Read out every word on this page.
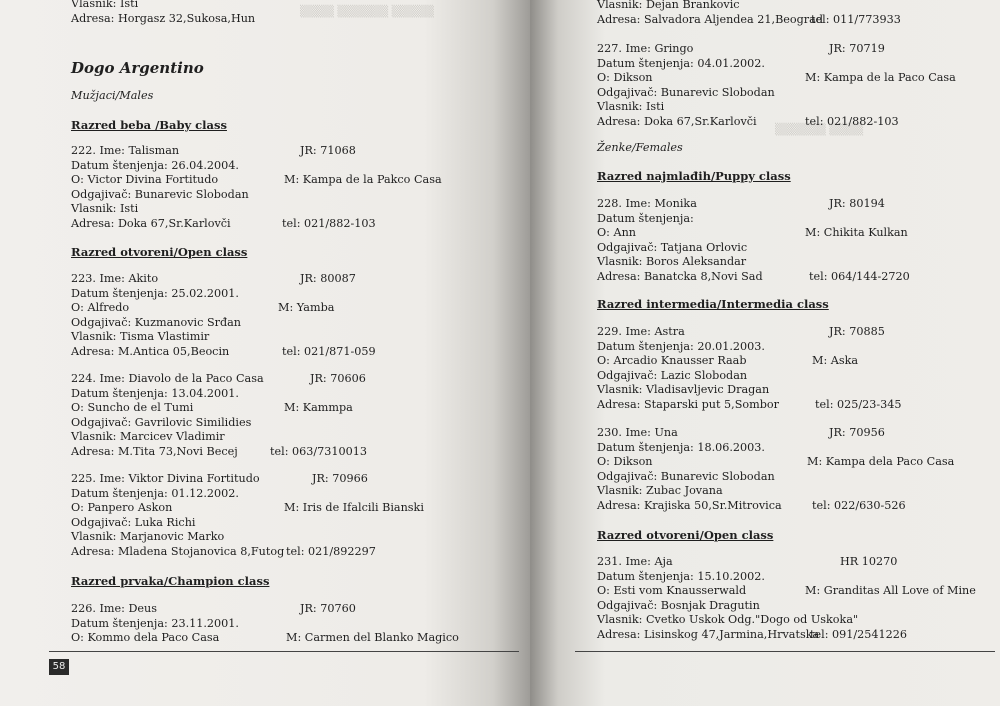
▒▒▒▒ ▒▒▒▒▒▒ ▒▒▒▒▒
Vlasnik: Isti
Adresa: Horgasz 32,Sukosa,Hun
Dogo Argentino
Mužjaci/Males
Razred beba /Baby class
222. Ime: Talisman	JR: 71068
Datum štenjenja: 26.04.2004.
O: Victor Divina Fortitudo	M: Kampa de la Pakco Casa
Odgajivač: Bunarevic Slobodan
Vlasnik: Isti
Adresa: Doka 67,Sr.Karlovči	tel: 021/882-103
Razred otvoreni/Open class
223. Ime: Akito	JR: 80087
Datum štenjenja: 25.02.2001.
O: Alfredo	M: Yamba
Odgajivač: Kuzmanovic Srđan
Vlasnik: Tisma Vlastimir
Adresa: M.Antica 05,Beocin	tel: 021/871-059
224. Ime: Diavolo de la Paco Casa	JR: 70606
Datum štenjenja: 13.04.2001.
O: Suncho de el Tumi	M: Kammpa
Odgajivač: Gavrilovic Similidies
Vlasnik: Marcicev Vladimir
Adresa: M.Tita 73,Novi Becej	tel: 063/7310013
225. Ime: Viktor Divina Fortitudo	JR: 70966
Datum štenjenja: 01.12.2002.
O: Panpero Askon	M: Iris de Ifalcili Bianski
Odgajivač: Luka Richi
Vlasnik: Marjanovic Marko
Adresa: Mladena Stojanovica 8,Futog tel: 021/892297
Razred prvaka/Champion class
226. Ime: Deus	JR: 70760
Datum štenjenja: 23.11.2001.
O: Kommo dela Paco Casa	M: Carmen del Blanko Magico
58
▒▒▒▒▒▒ ▒▒▒▒
Vlasnik: Dejan Brankovic
Adresa: Salvadora Aljendea 21,Beograd
tel: 011/773933
227. Ime: Gringo	JR: 70719
Datum štenjenja: 04.01.2002.
O: Dikson	M: Kampa de la Paco Casa
Odgajivač: Bunarevic Slobodan
Vlasnik: Isti
Adresa: Doka 67,Sr.Karlovči	tel: 021/882-103
Ženke/Females
Razred najmlađih/Puppy class
228. Ime: Monika	JR: 80194
Datum štenjenja:
O: Ann	M: Chikita Kulkan
Odgajivač: Tatjana Orlovic
Vlasnik: Boros Aleksandar
Adresa: Banatcka 8,Novi Sad	tel: 064/144-2720
Razred intermedia/Intermedia class
229. Ime: Astra	JR: 70885
Datum štenjenja: 20.01.2003.
O: Arcadio Knausser Raab	M: Aska
Odgajivač: Lazic Slobodan
Vlasnik: Vladisavljevic Dragan
Adresa: Staparski put 5,Sombor	tel: 025/23-345
230. Ime: Una	JR: 70956
Datum štenjenja: 18.06.2003.
O: Dikson	M: Kampa dela Paco Casa
Odgajivač: Bunarevic Slobodan
Vlasnik: Zubac Jovana
Adresa: Krajiska 50,Sr.Mitrovica	tel: 022/630-526
Razred otvoreni/Open class
231. Ime: Aja	HR 10270
Datum štenjenja: 15.10.2002.
O: Esti vom Knausserwald	M: Granditas All Love of Mine
Odgajivač: Bosnjak Dragutin
Vlasnik: Cvetko Uskok Odg."Dogo od Uskoka"
Adresa: Lisinskog 47,Jarmina,Hrvatska
tel: 091/2541226
